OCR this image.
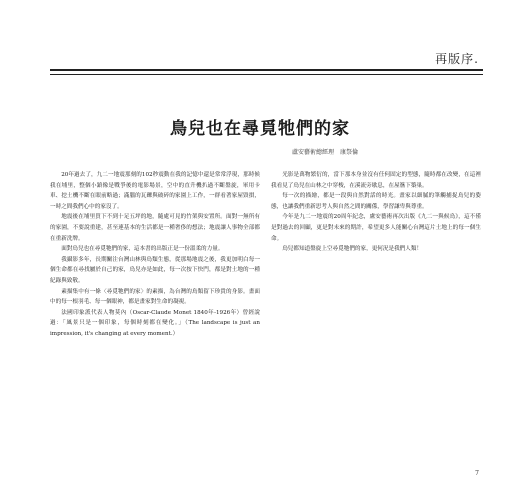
再版序.
鳥兒也在尋覓牠們的家
盧安藝術總經理　康祭倫

20年過去了，九二一地震那刻的102秒震動在我的記憶中還是常常浮現，那時候我在埔里，整個小鎮像是戰爭後的電影場景，空中的直升機扒過不斷盤旋，軍用卡車、挖土機不斷在眼前略過；滿腦的瓦礫與破碎的家園上工作，一群看著家屋毀損，一時之間我們心中的家沒了。

地震後在埔里買下不到十足五坪的地，隨處可見的竹架與安置所。面對一無所有的家園，不要說重建，甚至連基本的生活都是一種奢侈的想法；地震讓人事物全部都在重新洗牌。

面對鳥兒也在尋覓牠們的家，這本書的出版正是一份溫柔的力量。

我攝影多年，長期關注台灣山林與鳥類生態，從那場地震之後，我更加明白每一個生命都在尋找屬於自己的家，鳥兒亦是如此，每一次按下快門，都是對土地的一種紀錄與致敬。

素描集中有一條〈尋覓牠們的家〉的素描，為台灣的鳥類留下珍貴的身影。畫面中的每一根羽毛、每一個眼神，都是畫家對生命的凝視。

法國印象派代表人物莫內（Oscar-Claude Monet 1840年-1926年）曾經說過：「風景只是一個印象，每個時刻都在變化。」（The landscape is just an impression, it's changing at every moment.）

光影是萬物繁衍的，當下那本身並沒有任何固定的型態，隨時都在改變，在這裡我看見了鳥兒在山林之中穿梭，在溪流旁歇息，在屋簷下築巢。

每一次的描繪，都是一段與自然對話的時光。畫家以細膩的筆觸捕捉鳥兒的姿態，也讓我們重新思考人與自然之間的關係，學習謙卑與尊重。

今年是九二一地震的20周年紀念，盧安藝術再次出版《九二一與候鳥》，這不僅是對過去的回顧，更是對未來的期許，希望更多人能關心台灣這片土地上的每一個生命。

鳥兒都知道盤旋上空尋覓牠們的家，更何況是我們人類！

7
